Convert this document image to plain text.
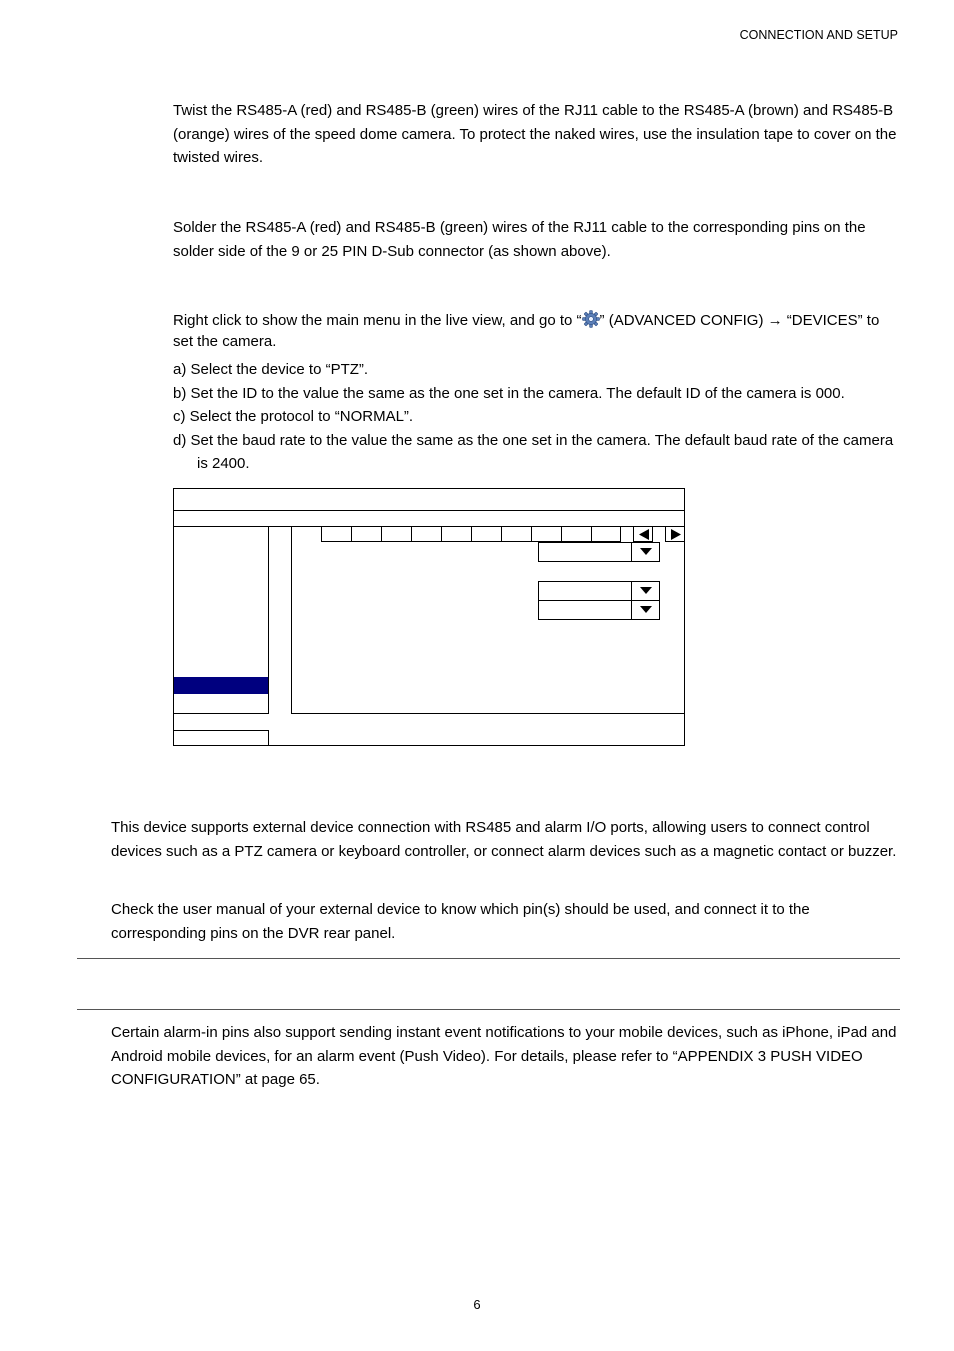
CONNECTION AND SETUP
Twist the RS485-A (red) and RS485-B (green) wires of the RJ11 cable to the RS485-A (brown) and RS485-B (orange) wires of the speed dome camera. To protect the naked wires, use the insulation tape to cover on the twisted wires.
Solder the RS485-A (red) and RS485-B (green) wires of the RJ11 cable to the corresponding pins on the solder side of the 9 or 25 PIN D-Sub connector (as shown above).
Right click to show the main menu in the live view, and go to “ ” (ADVANCED CONFIG) → “DEVICES” to set the camera.
a) Select the device to “PTZ”.
b) Set the ID to the value the same as the one set in the camera. The default ID of the camera is 000.
c) Select the protocol to “NORMAL”.
d) Set the baud rate to the value the same as the one set in the camera. The default baud rate of the camera is 2400.
This device supports external device connection with RS485 and alarm I/O ports, allowing users to connect control devices such as a PTZ camera or keyboard controller, or connect alarm devices such as a magnetic contact or buzzer.
Check the user manual of your external device to know which pin(s) should be used, and connect it to the corresponding pins on the DVR rear panel.
Certain alarm-in pins also support sending instant event notifications to your mobile devices, such as iPhone, iPad and Android mobile devices, for an alarm event (Push Video). For details, please refer to “APPENDIX 3 PUSH VIDEO CONFIGURATION” at page 65.
6
